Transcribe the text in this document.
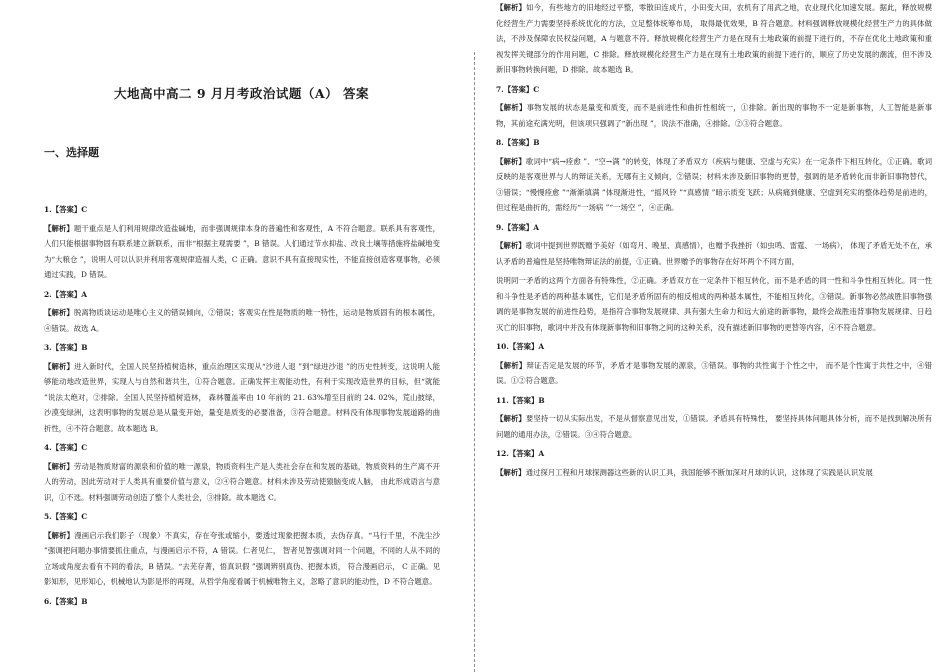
大地高中高二 9 月月考政治试题（A） 答案
一、选择题
1.【答案】C

【解析】题干重点是人们利用规律改造盐碱地，而非强调规律本身的普遍性和客观性，A 不符合题意。联系具有客观性，人们只能根据事物固有联系建立新联系，而非“根据主观需要 ”，B 错误。人们通过节水抑盐、改良土壤等措施将盐碱地变为“大粮仓 ”，说明人可以认识并利用客观规律造福人类，C 正确。意识不具有直接现实性，不能直接创造客观事物，必须通过实践，D 错误。

2.【答案】A

【解析】脱离物质谈运动是唯心主义的错误倾向，②错误；客观实在性是物质的唯一特性，运动是物质固有的根本属性，④错误。故选 A。

3.【答案】B

【解析】进入新时代，全国人民坚持植树造林，重点治理区实现从“沙进人退 ”到“绿进沙退 ”的历史性转变，这说明人能够能动地改造世界，实现人与自然和谐共生，①符合题意。正确发挥主观能动性，有利于实现改造世界的目标，但“就能 ”说法太绝对，②排除。全国人民坚持植树造林， 森林覆盖率由 10 年前的 21. 63%增至目前的 24. 02%，荒山披绿，沙漠变绿洲，这表明事物的发展总是从量变开始，量变是质变的必要准备，③符合题意。材料没有体现事物发展道路的曲折性，④不符合题意。故本题选 B。

4.【答案】C

【解析】劳动是物质财富的源泉和价值的唯一源泉，物质资料生产是人类社会存在和发展的基础，物质资料的生产离不开人的劳动，因此劳动对于人类具有重要价值与意义，②④符合题意。材料未涉及劳动使猿脑变成人脑， 由此形成语言与意识，①不选。材料强调劳动创造了整个人类社会，③排除。故本题选 C。

5.【答案】C

【解析】漫画启示我们影子（现象）不真实，存在夸张或缩小，要透过现象把握本质，去伪存真。“马行千里，不洗尘沙 ”强调把问题办事情要抓住重点，与漫画启示不符，A 错误。仁者见仁， 智者见智强调对同一个问题，不同的人从不同的立场或角度去看有不同的看法，B 错误。“去芜存菁，悟真识假 ”强调辨别真伪、把握本质， 符合漫画启示， C 正确。见影知形，见形知心，机械地认为影是形的再现，从哲学角度看属于机械唯物主义，忽略了意识的能动性，D 不符合题意。

6.【答案】B

【解析】如今，有些地方的旧地经过平整，零散田连成片，小田变大田，农机有了用武之地，农业现代化加速发展。据此，释放规模化经营生产力需要坚持系统优化的方法，立足整体统筹布局， 取得最优效果，B 符合题意。材料强调释放规模化经营生产力的具体做法，不涉及保障农民权益问题，A 与题意不符。释放规模化经营生产力是在现有土地政策的前提下进行的，不存在优化土地政策和重视发挥关键部分的作用问题，C 排除。释放规模化经营生产力是在现有土地政策的前提下进行的，顺应了历史发展的潮流，但不涉及新旧事物转换问题，D 排除。故本题选 B。

7.【答案】C

【解析】事物发展的状态是量变和质变，而不是前进性和曲折性相统一，①排除。新出现的事物不一定是新事物，人工智能是新事物，其前途充满光明，但该项只强调了“新出现 ”，说法不准确，④排除。②③符合题意。

8.【答案】B

【解析】歌词中“病→痊愈 ”、“空→满 ”的转变，体现了矛盾双方（疾病与健康、空虚与充实）在一定条件下相互转化，①正确。歌词反映的是客观世界与人的辩证关系，无哪有主义倾向，②错误；材料未涉及新旧事物的更替，强调的是矛盾转化而非新旧事物替代，③错误；“慢慢痊愈 ”“渐渐填满 ”体现渐进性，“摇风铃 ”“真感情 ”暗示质变飞跃；从病痛到健康、空虚到充实的整体趋势是前进的，但过程是曲折的，需经历“一场病 ”“一场空 ”，④正确。

9.【答案】A

【解析】歌词中提到世界既赠予美好（如弯月、晚星、真感情），也赠予我挫折（如虫鸣、雷霆、 一场病）， 体现了矛盾无处不在，承认矛盾的普遍性是坚持唯物辩证法的前提，①正确。世界赠予的事物存在好坏两个不同方面，

说明同一矛盾的这两个方面各有特殊性，②正确。矛盾双方在一定条件下相互转化，而不是矛盾的同一性和斗争性相互转化。同一性和斗争性是矛盾的两种基本属性，它们是矛盾所固有的相反相成的两种基本属性，不能相互转化，③错误。新事物必然战胜旧事物强调的是事物发展的前进性趋势，是指符合事物发展规律、具有强大生命力和远大前途的新事物，最终会战胜违背事物发展规律、日趋灭亡的旧事物，歌词中并没有体现新事物和旧事物之间的这种关系，没有描述新旧事物的更替等内容，④不符合题意。

10.【答案】A

【解析】辩证否定是发展的环节，矛盾才是事物发展的源泉，③错误。事物的共性寓于个性之中， 而不是个性寓于共性之中，④错误。①②符合题意。

11.【答案】B

【解析】要坚持一切从实际出发，不是从督察意见出发，①错误。矛盾具有特殊性， 要坚持具体问题具体分析，而不是找到解决所有问题的通用办法，②错误。③④符合题意。

12.【答案】A

【解析】通过探月工程和月球探测器这些新的认识工具，我国能够不断加深对月球的认识，这体现了实践是认识发展
